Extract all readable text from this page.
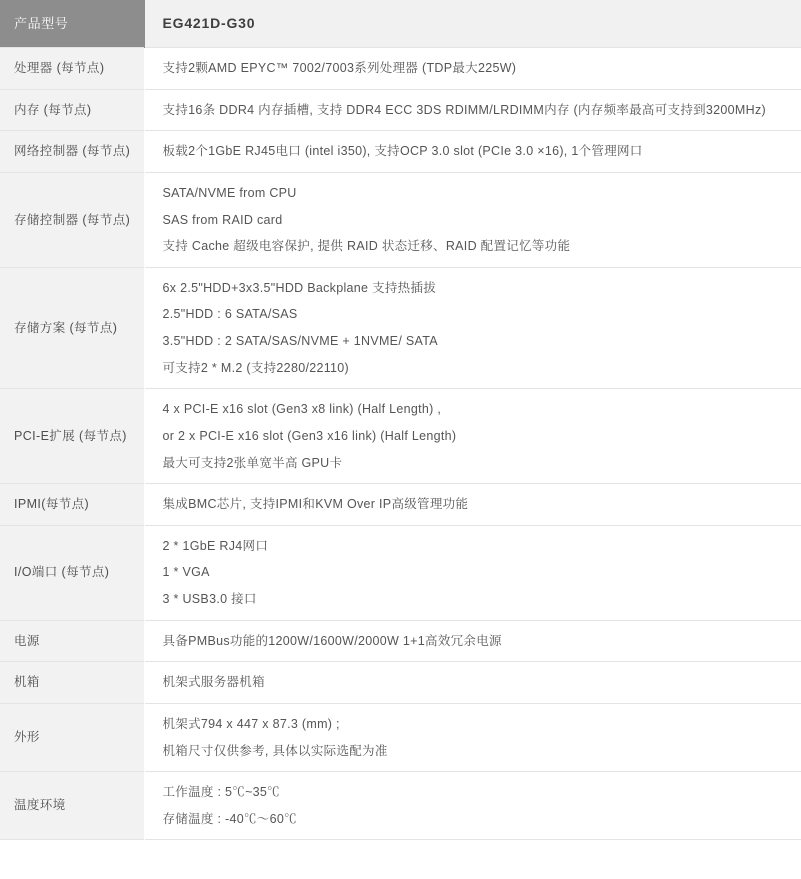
产品型号	EG421D-G30
处理器 (每节点)	支持2颗AMD EPYC™ 7002/7003系列处理器 (TDP最大225W)

内存 (每节点)	支持16条 DDR4 内存插槽, 支持 DDR4 ECC 3DS RDIMM/LRDIMM内存 (内存频率最高可支持到3200MHz)

网络控制器 (每节点)	板载2个1GbE RJ45电口 (intel i350), 支持OCP 3.0 slot (PCIe 3.0 ×16), 1个管理网口

存储控制器 (每节点)	SATA/NVME from CPU
SAS from RAID card
支持 Cache 超级电容保护, 提供 RAID 状态迁移、RAID 配置记忆等功能

存储方案 (每节点)	6x 2.5"HDD+3x3.5"HDD Backplane 支持热插拔
2.5"HDD : 6 SATA/SAS
3.5"HDD : 2 SATA/SAS/NVME + 1NVME/ SATA
可支持2 * M.2 (支持2280/22110)

PCI-E扩展 (每节点)	4 x PCI-E x16 slot (Gen3 x8 link) (Half Length) ,
or 2 x PCI-E x16 slot (Gen3 x16 link) (Half Length)
最大可支持2张单宽半高 GPU卡

IPMI(每节点)	集成BMC芯片, 支持IPMI和KVM Over IP高级管理功能

I/O端口 (每节点)	2 * 1GbE RJ4网口
1 * VGA
3 * USB3.0 接口

电源	具备PMBus功能的1200W/1600W/2000W 1+1高效冗余电源

机箱	机架式服务器机箱

外形	机架式794 x 447 x 87.3 (mm) ;
机箱尺寸仅供参考, 具体以实际选配为准

温度环境	工作温度 : 5℃~35℃
存储温度 : -40℃～60℃
